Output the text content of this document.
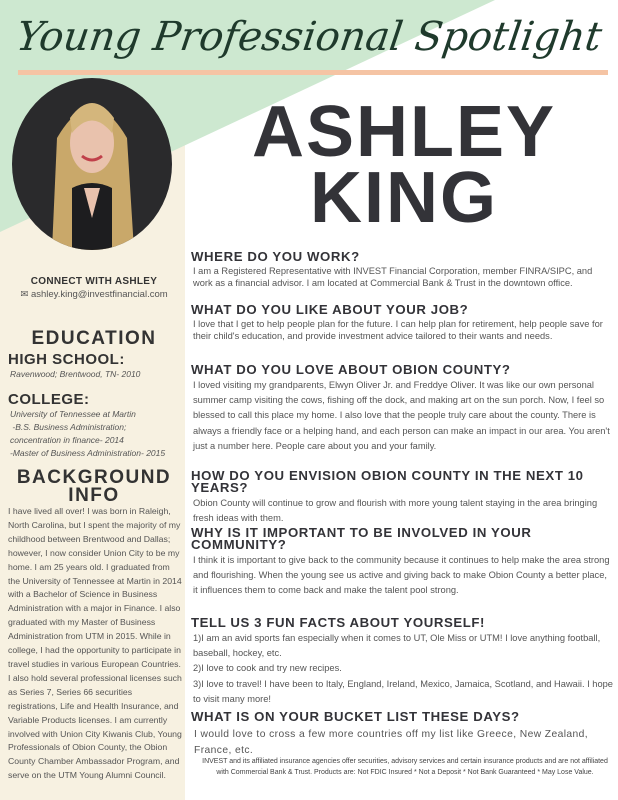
Young Professional Spotlight
ASHLEY
KING
CONNECT WITH ASHLEY
✉ ashley.king@investfinancial.com
EDUCATION
HIGH SCHOOL:
Ravenwood; Brentwood, TN- 2010
COLLEGE:
University of Tennessee at Martin
-B.S. Business Administration;
concentration in finance- 2014
-Master of Business Administration- 2015
BACKGROUND
INFO
I have lived all over! I was born in Raleigh, North Carolina, but I spent the majority of my childhood between Brentwood and Dallas; however, I now consider Union City to be my home. I am 25 years old. I graduated from the University of Tennessee at Martin in 2014 with a Bachelor of Science in Business Administration with a major in Finance. I also graduated with my Master of Business Administration from UTM in 2015. While in college, I had the opportunity to participate in travel studies in various European Countries. I also hold several professional licenses such as Series 7, Series 66 securities registrations, Life and Health Insurance, and Variable Products licenses. I am currently involved with Union City Kiwanis Club, Young Professionals of Obion County, the Obion County Chamber Ambassador Program, and serve on the UTM Young Alumni Council.
WHERE DO YOU WORK?
I am a Registered Representative with INVEST Financial Corporation, member FINRA/SIPC, and work as a financial advisor. I am located at Commercial Bank & Trust in the downtown office.
WHAT DO YOU LIKE ABOUT YOUR JOB?
I love that I get to help people plan for the future. I can help plan for retirement, help people save for their child's education, and provide investment advice tailored to their wants and needs.
WHAT DO YOU LOVE ABOUT OBION COUNTY?
I loved visiting my grandparents, Elwyn Oliver Jr. and Freddye Oliver. It was like our own personal summer camp visiting the cows, fishing off the dock, and making art on the sun porch. Now, I feel so blessed to call this place my home. I also love that the people truly care about the county. There is always a friendly face or a helping hand, and each person can make an impact in our area. You aren't just a number here. People care about you and your family.
HOW DO YOU ENVISION OBION COUNTY IN THE NEXT 10 YEARS?
Obion County will continue to grow and flourish with more young talent staying in the area bringing fresh ideas with them.
WHY IS IT IMPORTANT TO BE INVOLVED IN YOUR COMMUNITY?
I think it is important to give back to the community because it continues to help make the area strong and flourishing. When the young see us active and giving back to make Obion County a better place, it influences them to come back and make the talent pool strong.
TELL US 3 FUN FACTS ABOUT YOURSELF!
1)I am an avid sports fan especially when it comes to UT, Ole Miss or UTM! I love anything football, baseball, hockey, etc.
2)I love to cook and try new recipes.
3)I love to travel! I have been to Italy, England, Ireland, Mexico, Jamaica, Scotland, and Hawaii. I hope to visit many more!
WHAT IS ON YOUR BUCKET LIST THESE DAYS?
I would love to cross a few more countries off my list like Greece, New Zealand, France, etc.
INVEST and its affiliated insurance agencies offer securities, advisory services and certain insurance products and are not affiliated with Commercial Bank & Trust. Products are: Not FDIC Insured * Not a Deposit * Not Bank Guaranteed * May Lose Value.
